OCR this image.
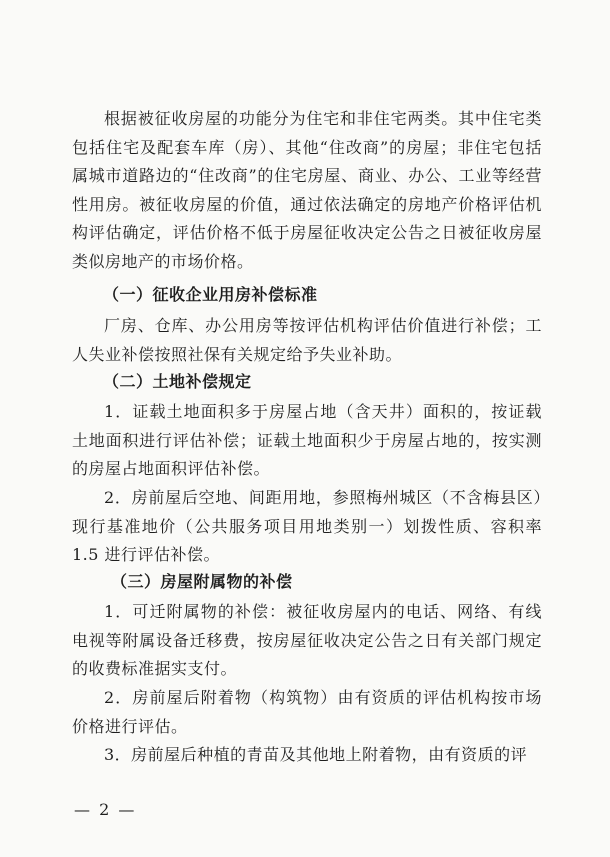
根据被征收房屋的功能分为住宅和非住宅两类。其中住宅类包括住宅及配套车库（房）、其他“住改商”的房屋；非住宅包括属城市道路边的“住改商”的住宅房屋、商业、办公、工业等经营性用房。被征收房屋的价值，通过依法确定的房地产价格评估机构评估确定，评估价格不低于房屋征收决定公告之日被征收房屋类似房地产的市场价格。

（一）征收企业用房补偿标准

厂房、仓库、办公用房等按评估机构评估价值进行补偿；工人失业补偿按照社保有关规定给予失业补助。

（二）土地补偿规定

1．证载土地面积多于房屋占地（含天井）面积的，按证载土地面积进行评估补偿；证载土地面积少于房屋占地的，按实测的房屋占地面积评估补偿。

2．房前屋后空地、间距用地，参照梅州城区（不含梅县区）现行基准地价（公共服务项目用地类别一）划拨性质、容积率 1.5 进行评估补偿。

（三）房屋附属物的补偿

1．可迁附属物的补偿：被征收房屋内的电话、网络、有线电视等附属设备迁移费，按房屋征收决定公告之日有关部门规定的收费标准据实支付。

2．房前屋后附着物（构筑物）由有资质的评估机构按市场价格进行评估。

3．房前屋后种植的青苗及其他地上附着物，由有资质的评

— 2 —
